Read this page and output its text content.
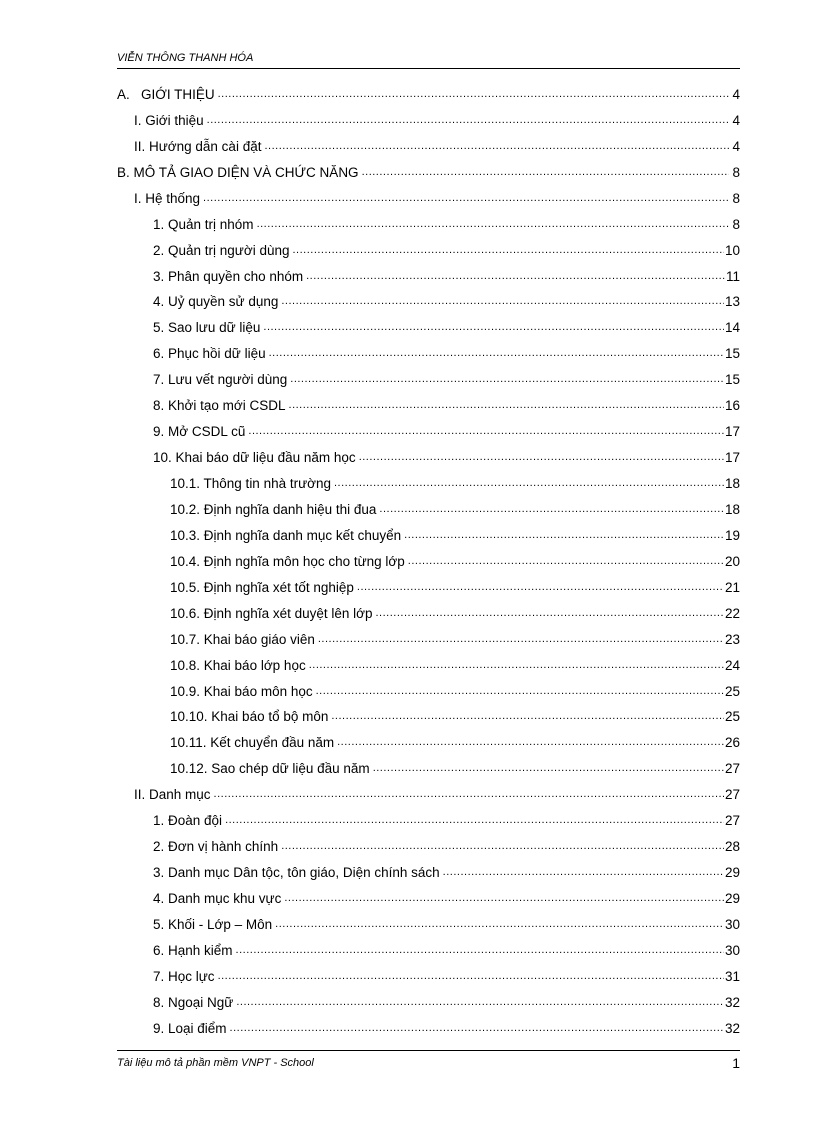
VIỄN THÔNG THANH HÓA
A.   GIỚI THIỆU .....	4
I. Giới thiệu .....	4
II. Hướng dẫn cài đặt .....	4
B. MÔ TẢ GIAO DIỆN VÀ CHỨC NĂNG .....	8
I. Hệ thống .....	8
1. Quản trị nhóm .....	8
2. Quản trị người dùng .....	10
3. Phân quyền cho nhóm .....	11
4. Uỷ quyền sử dụng .....	13
5. Sao lưu dữ liệu .....	14
6. Phục hồi dữ liệu .....	15
7. Lưu vết người dùng .....	15
8. Khởi tạo mới CSDL .....	16
9. Mở CSDL cũ .....	17
10. Khai báo dữ liệu đầu năm học .....	17
10.1. Thông tin nhà trường .....	18
10.2. Định nghĩa danh hiệu thi đua .....	18
10.3. Định nghĩa danh mục kết chuyển .....	19
10.4. Định nghĩa môn học cho từng lớp .....	20
10.5. Định nghĩa xét tốt nghiệp .....	21
10.6. Định nghĩa xét duyệt lên lớp .....	22
10.7. Khai báo giáo viên .....	23
10.8. Khai báo lớp học .....	24
10.9. Khai báo môn học .....	25
10.10. Khai báo tổ bộ môn .....	25
10.11. Kết chuyển đầu năm .....	26
10.12. Sao chép dữ liệu đầu năm .....	27
II. Danh mục .....	27
1. Đoàn đội .....	27
2. Đơn vị hành chính .....	28
3. Danh mục Dân tộc, tôn giáo, Diện chính sách .....	29
4. Danh mục khu vực .....	29
5. Khối - Lớp – Môn .....	30
6. Hạnh kiểm .....	30
7. Học lực .....	31
8. Ngoại Ngữ .....	32
9. Loại điểm .....	32
Tài liệu mô tả phần mềm VNPT - School	1
